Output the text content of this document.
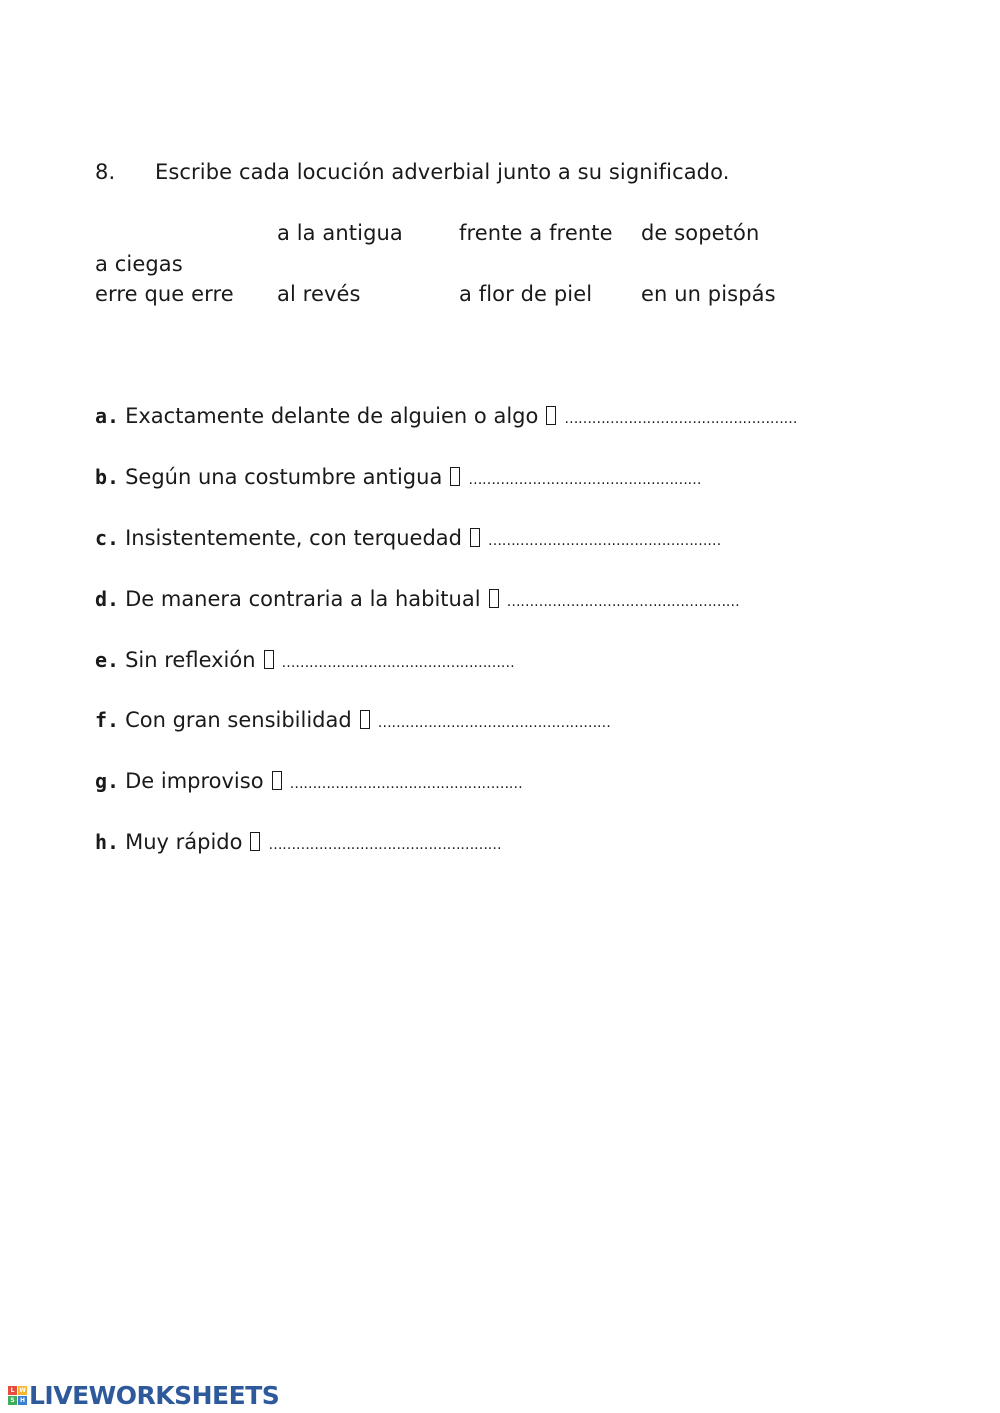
8. Escribe cada locución adverbial junto a su significado.
a la antigua	frente a frente de sopetón
a ciegas
erre que erre al revés	a flor de piel en un pispás
a. Exactamente delante de alguien o algo ……………………………………………
b. Según una costumbre antigua ……………………………………………
c. Insistentemente, con terquedad ……………………………………………
d. De manera contraria a la habitual ……………………………………………
e. Sin reflexión ……………………………………………
f. Con gran sensibilidad ……………………………………………
g. De improviso ……………………………………………
h. Muy rápido ……………………………………………
L W
S H LIVEWORKSHEETS
